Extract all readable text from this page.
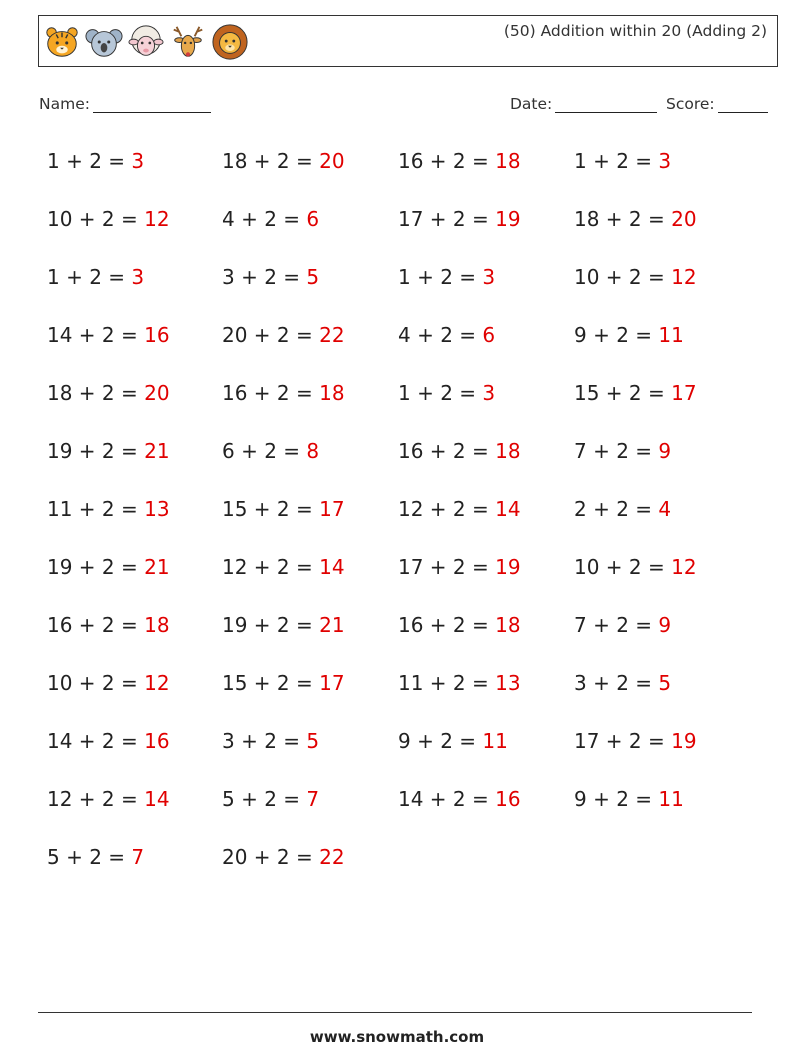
(50) Addition within 20 (Adding 2)
Name:	Date:	Score:
1 + 2 = 3	18 + 2 = 20	16 + 2 = 18	1 + 2 = 3
10 + 2 = 12	4 + 2 = 6	17 + 2 = 19	18 + 2 = 20
1 + 2 = 3	3 + 2 = 5	1 + 2 = 3	10 + 2 = 12
14 + 2 = 16	20 + 2 = 22	4 + 2 = 6	9 + 2 = 11
18 + 2 = 20	16 + 2 = 18	1 + 2 = 3	15 + 2 = 17
19 + 2 = 21	6 + 2 = 8	16 + 2 = 18	7 + 2 = 9
11 + 2 = 13	15 + 2 = 17	12 + 2 = 14	2 + 2 = 4
19 + 2 = 21	12 + 2 = 14	17 + 2 = 19	10 + 2 = 12
16 + 2 = 18	19 + 2 = 21	16 + 2 = 18	7 + 2 = 9
10 + 2 = 12	15 + 2 = 17	11 + 2 = 13	3 + 2 = 5
14 + 2 = 16	3 + 2 = 5	9 + 2 = 11	17 + 2 = 19
12 + 2 = 14	5 + 2 = 7	14 + 2 = 16	9 + 2 = 11
5 + 2 = 7	20 + 2 = 22
www.snowmath.com
